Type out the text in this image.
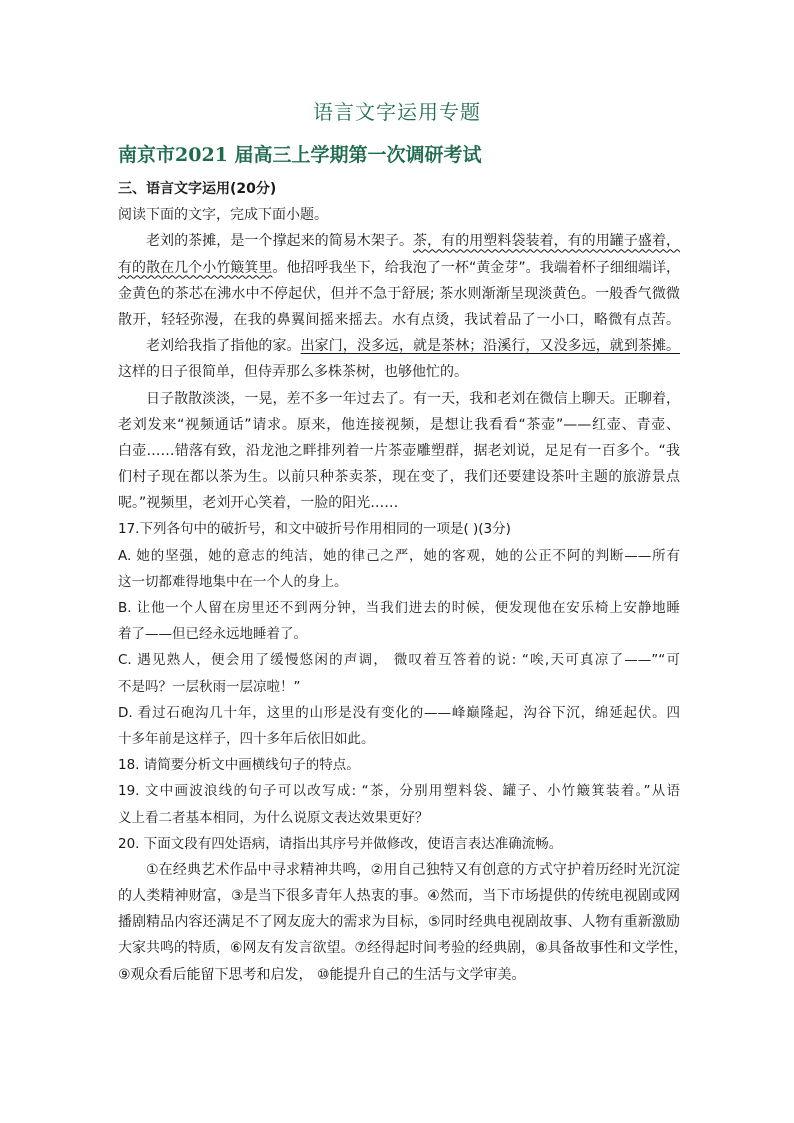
语言文字运用专题
南京市2021 届高三上学期第一次调研考试
三、语言文字运用(20分)
阅读下面的文字，完成下面小题。
老刘的茶摊，是一个撑起来的简易木架子。茶，有的用塑料袋装着，有的用罐子盛着，
有的散在几个小竹簸箕里。他招呼我坐下，给我泡了一杯“黄金芽”。我端着杯子细细端详，
金黄色的茶芯在沸水中不停起伏，但并不急于舒展; 茶水则渐渐呈现淡黄色。一般香气微微
散开，轻轻弥漫，在我的鼻翼间摇来摇去。水有点烫，我试着品了一小口，略微有点苦。
老刘给我指了指他的家。出家门，没多远，就是茶林；沿溪行，又没多远，就到茶摊。
这样的日子很简单，但侍弄那么多株茶树，也够他忙的。
日子散散淡淡，一晃，差不多一年过去了。有一天，我和老刘在微信上聊天。正聊着，
老刘发来“视频通话”请求。原来，他连接视频，是想让我看看“茶壶”——红壶、青壶、
白壶……错落有致，沿龙池之畔排列着一片茶壶雕塑群，据老刘说，足足有一百多个。“我
们村子现在都以茶为生。以前只种茶卖茶，现在变了，我们还要建设茶叶主题的旅游景点
呢。”视频里，老刘开心笑着，一脸的阳光……
17.下列各句中的破折号，和文中破折号作用相同的一项是( )(3分)
A. 她的坚强，她的意志的纯洁，她的律己之严，她的客观，她的公正不阿的判断——所有
这一切都难得地集中在一个人的身上。
B. 让他一个人留在房里还不到两分钟，当我们进去的时候，便发现他在安乐椅上安静地睡
着了——但已经永远地睡着了。
C. 遇见熟人，便会用了缓慢悠闲的声调， 微叹着互答着的说: “唉,天可真凉了——”“可
不是吗？一层秋雨一层凉啦！”
D. 看过石砲沟几十年，这里的山形是没有变化的——峰巅隆起，沟谷下沉，绵延起伏。四
十多年前是这样子，四十多年后依旧如此。
18. 请简要分析文中画横线句子的特点。
19. 文中画波浪线的句子可以改写成: “茶，分别用塑料袋、罐子、小竹簸箕装着。”从语
义上看二者基本相同，为什么说原文表达效果更好？
20. 下面文段有四处语病，请指出其序号并做修改，使语言表达准确流畅。
①在经典艺术作品中寻求精神共鸣，②用自己独特又有创意的方式守护着历经时光沉淀
的人类精神财富，③是当下很多青年人热衷的事。④然而，当下市场提供的传统电视剧或网
播剧精品内容还满足不了网友庞大的需求为目标，⑤同时经典电视剧故事、人物有重新激励
大家共鸣的特质，⑥网友有发言欲望。⑦经得起时间考验的经典剧，⑧具备故事性和文学性，
⑨观众看后能留下思考和启发， ⑩能提升自己的生活与文学审美。
